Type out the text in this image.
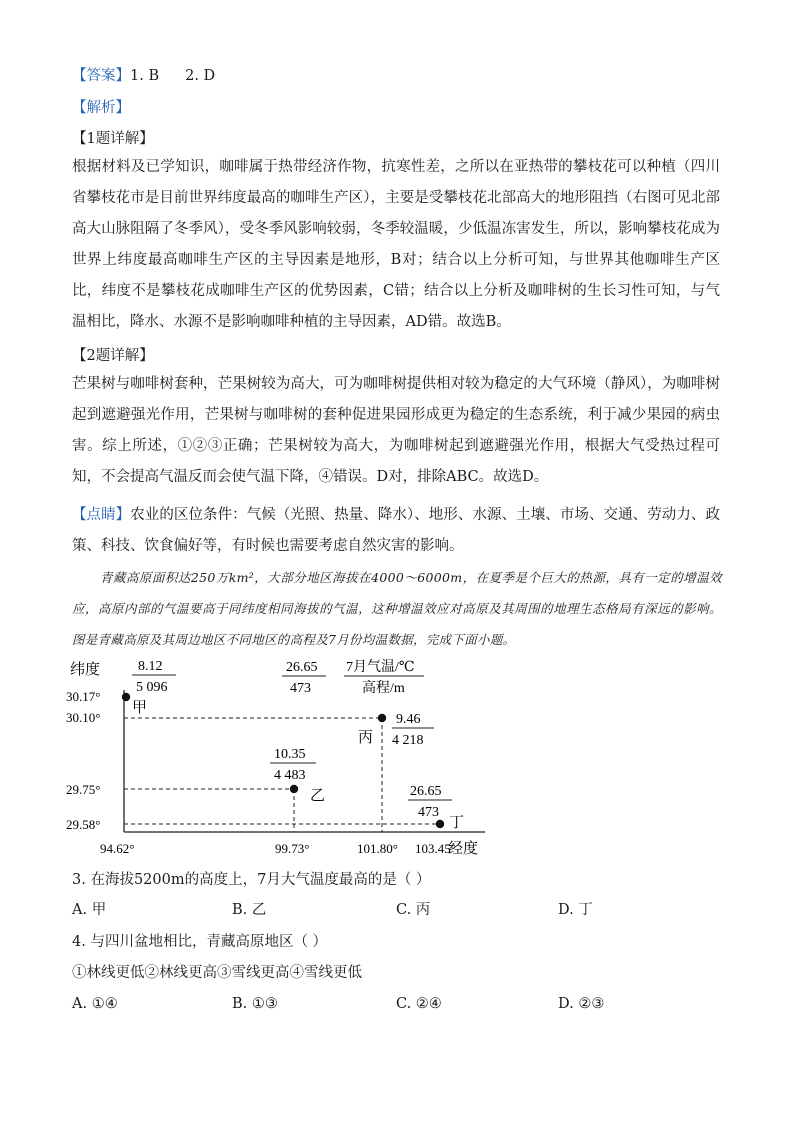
【答案】1. B 2. D
【解析】
【1题详解】
根据材料及已学知识，咖啡属于热带经济作物，抗寒性差，之所以在亚热带的攀枝花可以种植（四川省攀枝花市是目前世界纬度最高的咖啡生产区），主要是受攀枝花北部高大的地形阻挡（右图可见北部高大山脉阻隔了冬季风），受冬季风影响较弱，冬季较温暖，少低温冻害发生，所以，影响攀枝花成为世界上纬度最高咖啡生产区的主导因素是地形，B对；结合以上分析可知，与世界其他咖啡生产区比，纬度不是攀枝花成咖啡生产区的优势因素，C错；结合以上分析及咖啡树的生长习性可知，与气温相比，降水、水源不是影响咖啡种植的主导因素，AD错。故选B。
【2题详解】
芒果树与咖啡树套种，芒果树较为高大，可为咖啡树提供相对较为稳定的大气环境（静风），为咖啡树起到遮避强光作用，芒果树与咖啡树的套种促进果园形成更为稳定的生态系统，利于减少果园的病虫害。综上所述，①②③正确；芒果树较为高大，为咖啡树起到遮避强光作用，根据大气受热过程可知，不会提高气温反而会使气温下降，④错误。D对，排除ABC。故选D。
【点睛】农业的区位条件：气候（光照、热量、降水）、地形、水源、土壤、市场、交通、劳动力、政策、科技、饮食偏好等，有时候也需要考虑自然灾害的影响。
青藏高原面积达250万km²，大部分地区海拔在4000～6000m，在夏季是个巨大的热源，具有一定的增温效应，高原内部的气温要高于同纬度相同海拔的气温，这种增温效应对高原及其周围的地理生态格局有深远的影响。图是青藏高原及其周边地区不同地区的高程及7月份均温数据，完成下面小题。
纬度
经度
30.17°
30.10°
29.75°
29.58°
94.62°	99.73°	101.80° 103.45°
7月气温/℃
高程/m
26.65
473
8.12
5 096
甲
9.46
4 218
丙
10.35
4 483
乙	26.65
473
丁
3. 在海拔5200m的高度上，7月大气温度最高的是（ ）
A. 甲	B. 乙	C. 丙	D. 丁
4. 与四川盆地相比，青藏高原地区（ ）
①林线更低②林线更高③雪线更高④雪线更低
A. ①④	B. ①③	C. ②④	D. ②③
